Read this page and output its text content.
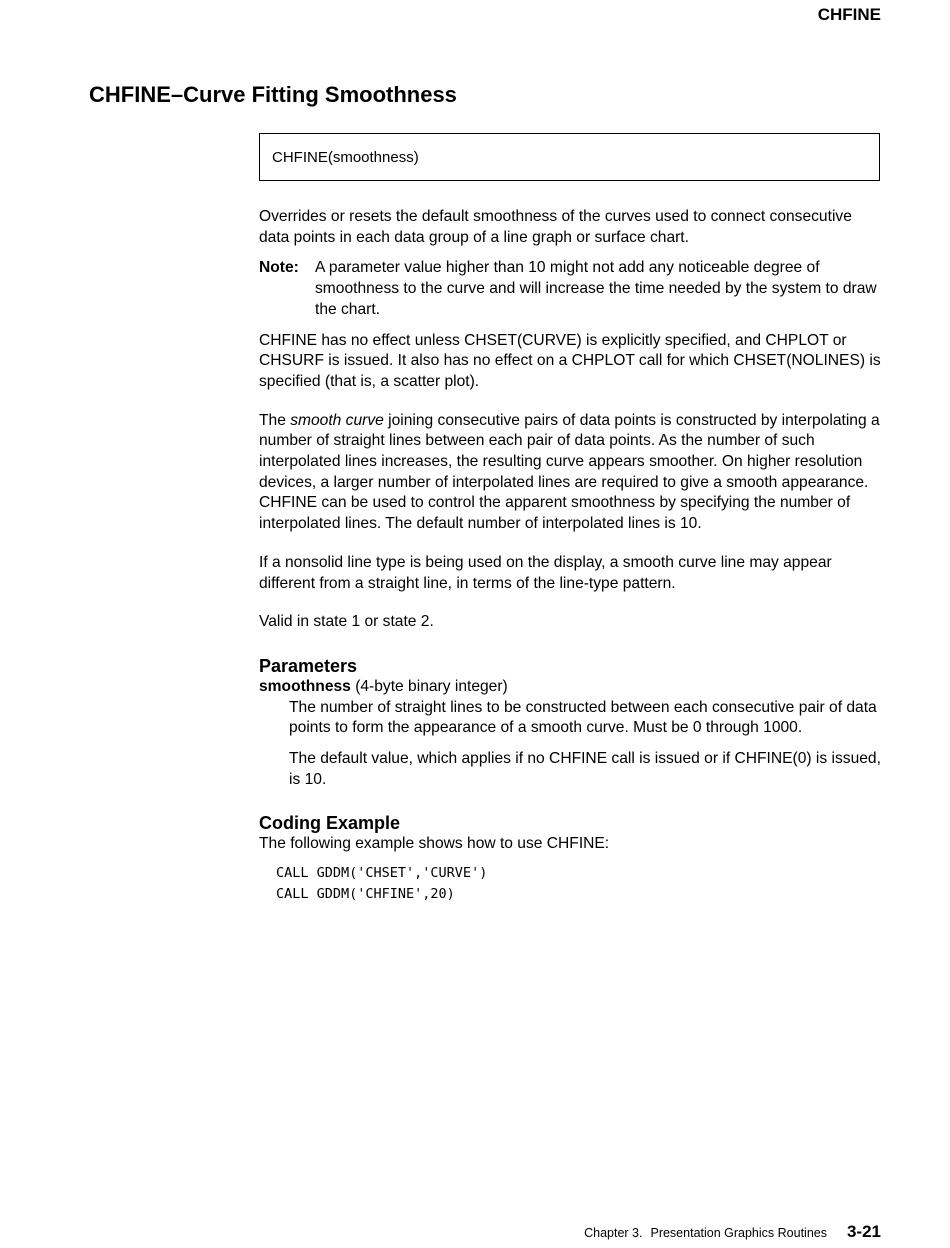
CHFINE
CHFINE–Curve Fitting Smoothness
CHFINE(smoothness)

Overrides or resets the default smoothness of the curves used to connect consecutive data points in each data group of a line graph or surface chart.

Note:	A parameter value higher than 10 might not add any noticeable degree of smoothness to the curve and will increase the time needed by the system to draw the chart.

CHFINE has no effect unless CHSET(CURVE) is explicitly specified, and CHPLOT or CHSURF is issued. It also has no effect on a CHPLOT call for which CHSET(NOLINES) is specified (that is, a scatter plot).

The smooth curve joining consecutive pairs of data points is constructed by interpolating a number of straight lines between each pair of data points. As the number of such interpolated lines increases, the resulting curve appears smoother. On higher resolution devices, a larger number of interpolated lines are required to give a smooth appearance. CHFINE can be used to control the apparent smoothness by specifying the number of interpolated lines. The default number of interpolated lines is 10.

If a nonsolid line type is being used on the display, a smooth curve line may appear different from a straight line, in terms of the line-type pattern.

Valid in state 1 or state 2.

Parameters

smoothness (4-byte binary integer)

The number of straight lines to be constructed between each consecutive pair of data points to form the appearance of a smooth curve. Must be 0 through 1000.

The default value, which applies if no CHFINE call is issued or if CHFINE(0) is issued, is 10.

Coding Example

The following example shows how to use CHFINE:

CALL GDDM('CHSET','CURVE')
CALL GDDM('CHFINE',20)
Chapter 3. Presentation Graphics Routines 3-21
